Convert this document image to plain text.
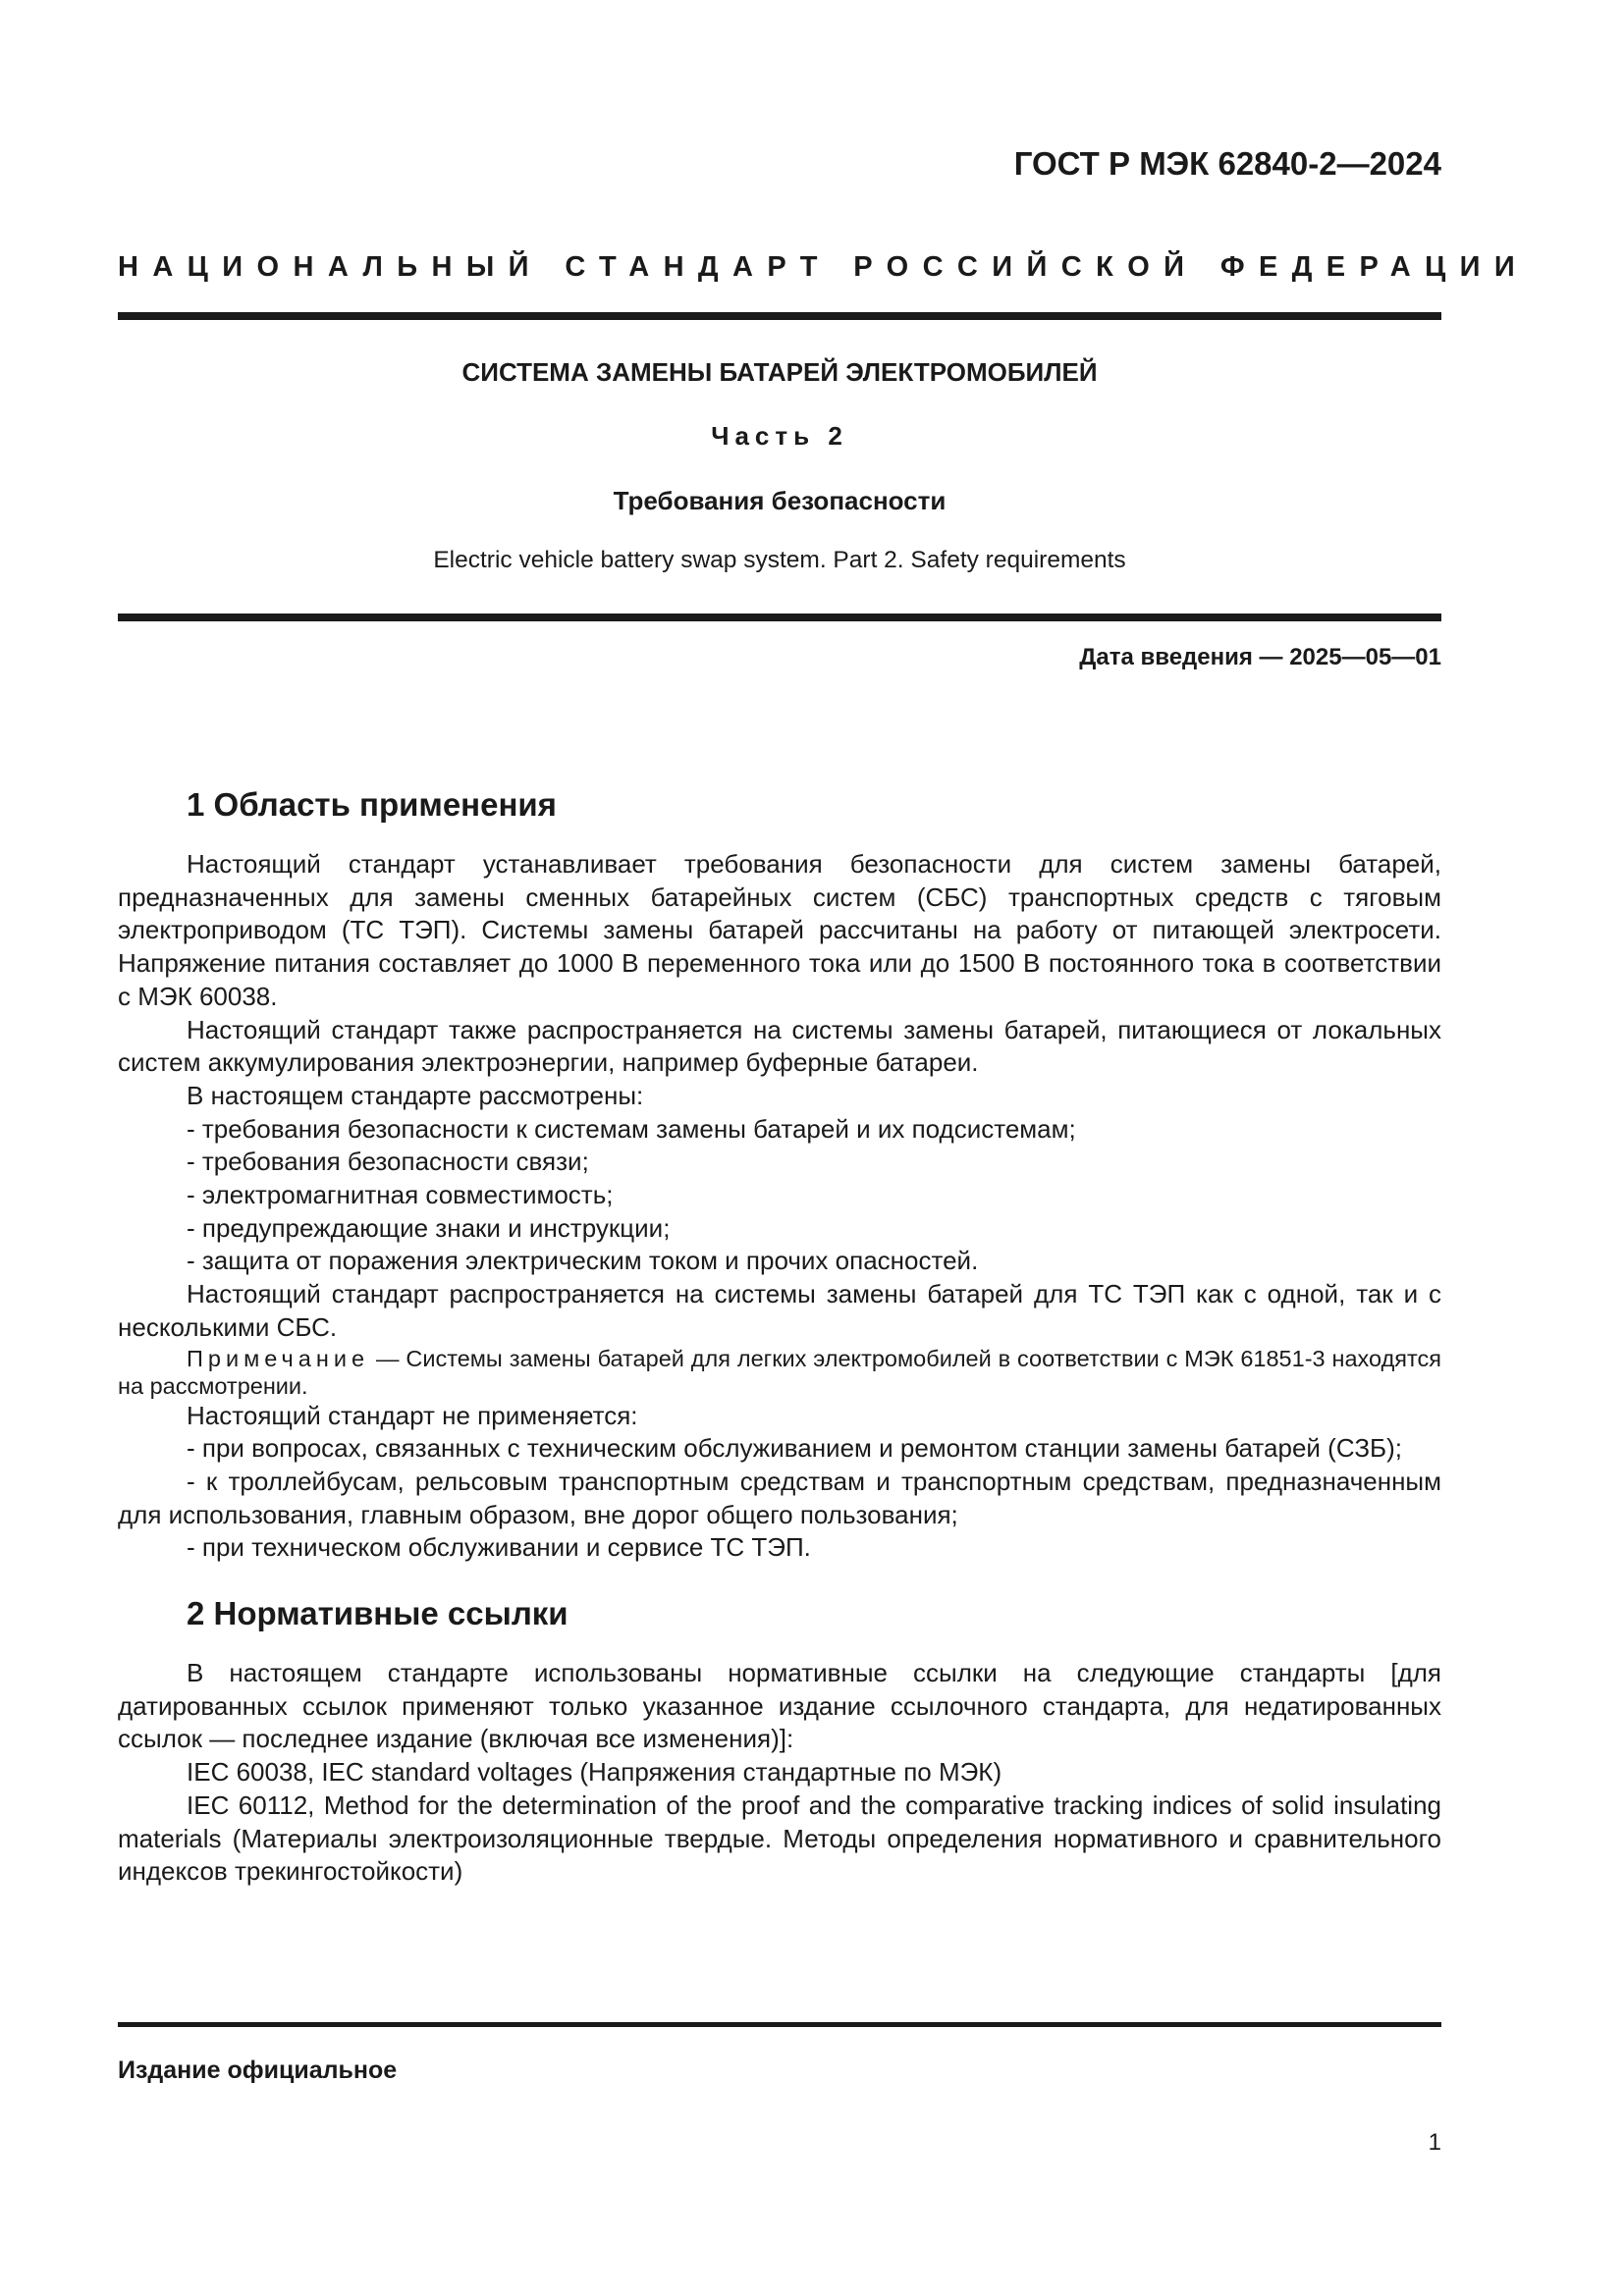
ГОСТ Р МЭК 62840-2—2024
НАЦИОНАЛЬНЫЙ СТАНДАРТ РОССИЙСКОЙ ФЕДЕРАЦИИ
СИСТЕМА ЗАМЕНЫ БАТАРЕЙ ЭЛЕКТРОМОБИЛЕЙ
Часть 2
Требования безопасности
Electric vehicle battery swap system. Part 2. Safety requirements
Дата введения — 2025—05—01
1 Область применения

Настоящий стандарт устанавливает требования безопасности для систем замены батарей, предназначенных для замены сменных батарейных систем (СБС) транспортных средств с тяговым электроприводом (ТС ТЭП). Системы замены батарей рассчитаны на работу от питающей электросети. Напряжение питания составляет до 1000 В переменного тока или до 1500 В постоянного тока в соответствии с МЭК 60038.

Настоящий стандарт также распространяется на системы замены батарей, питающиеся от локальных систем аккумулирования электроэнергии, например буферные батареи.

В настоящем стандарте рассмотрены:

- требования безопасности к системам замены батарей и их подсистемам;

- требования безопасности связи;

- электромагнитная совместимость;

- предупреждающие знаки и инструкции;

- защита от поражения электрическим током и прочих опасностей.

Настоящий стандарт распространяется на системы замены батарей для ТС ТЭП как с одной, так и с несколькими СБС.

Примечание — Системы замены батарей для легких электромобилей в соответствии с МЭК 61851-3 находятся на рассмотрении.

Настоящий стандарт не применяется:

- при вопросах, связанных с техническим обслуживанием и ремонтом станции замены батарей (СЗБ);

- к троллейбусам, рельсовым транспортным средствам и транспортным средствам, предназначенным для использования, главным образом, вне дорог общего пользования;

- при техническом обслуживании и сервисе ТС ТЭП.

2 Нормативные ссылки

В настоящем стандарте использованы нормативные ссылки на следующие стандарты [для датированных ссылок применяют только указанное издание ссылочного стандарта, для недатированных ссылок — последнее издание (включая все изменения)]:

IEC 60038, IEC standard voltages (Напряжения стандартные по МЭК)

IEC 60112, Method for the determination of the proof and the comparative tracking indices of solid insulating materials (Материалы электроизоляционные твердые. Методы определения нормативного и сравнительного индексов трекингостойкости)

Издание официальное
1
